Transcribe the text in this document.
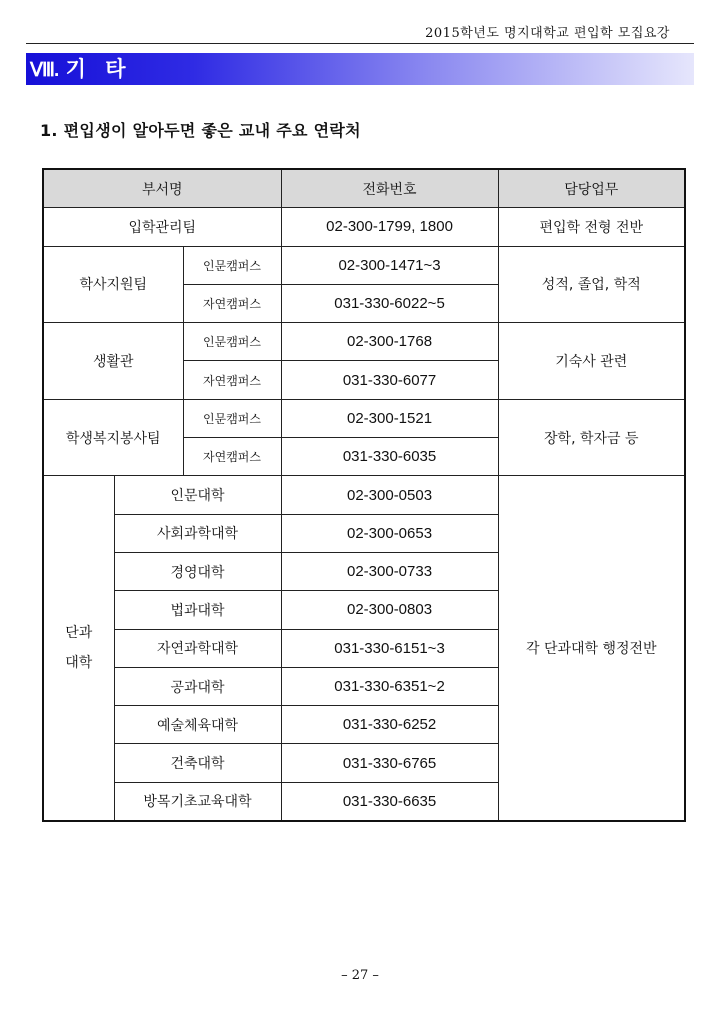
2015학년도 명지대학교 편입학 모집요강
Ⅷ. 기 타
1. 편입생이 알아두면 좋은 교내 주요 연락처
부서명			전화번호	담당업무
입학관리팀			02-300-1799, 1800	편입학 전형 전반
학사지원팀		인문캠퍼스	02-300-1471~3	성적, 졸업, 학적
		자연캠퍼스	031-330-6022~5	
생활관		인문캠퍼스	02-300-1768	기숙사 관련
		자연캠퍼스	031-330-6077	
학생복지봉사팀		인문캠퍼스	02-300-1521	장학, 학자금 등
		자연캠퍼스	031-330-6035	
단과
대학	인문대학		02-300-0503	각 단과대학 행정전반
	사회과학대학		02-300-0653	
	경영대학		02-300-0733	
	법과대학		02-300-0803	
	자연과학대학		031-330-6151~3	
	공과대학		031-330-6351~2	
	예술체육대학		031-330-6252	
	건축대학		031-330-6765	
	방목기초교육대학		031-330-6635	
– 27 –
